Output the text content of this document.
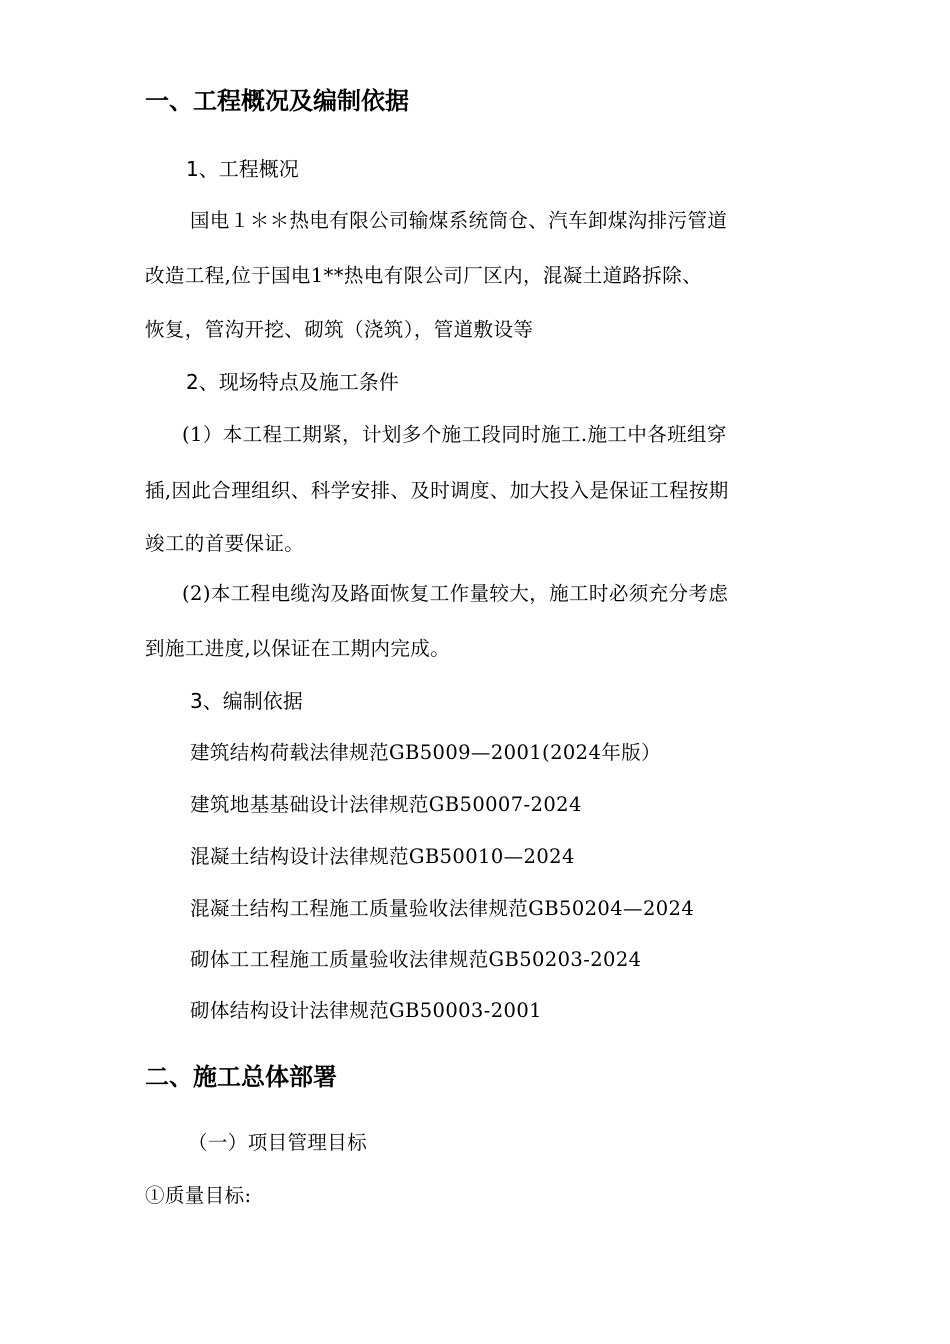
一、工程概况及编制依据
1、工程概况
国电１＊＊热电有限公司输煤系统筒仓、汽车卸煤沟排污管道
改造工程,位于国电1**热电有限公司厂区内，混凝土道路拆除、
恢复，管沟开挖、砌筑（浇筑），管道敷设等
2、现场特点及施工条件
(1）本工程工期紧，计划多个施工段同时施工.施工中各班组穿
插,因此合理组织、科学安排、及时调度、加大投入是保证工程按期
竣工的首要保证。
(2)本工程电缆沟及路面恢复工作量较大，施工时必须充分考虑
到施工进度,以保证在工期内完成。
3、编制依据
建筑结构荷载法律规范GB5009—2001(2024年版）
建筑地基基础设计法律规范GB50007-2024
混凝土结构设计法律规范GB50010—2024
混凝土结构工程施工质量验收法律规范GB50204—2024
砌体工工程施工质量验收法律规范GB50203-2024
砌体结构设计法律规范GB50003-2001
二、施工总体部署
（一）项目管理目标
①质量目标:
